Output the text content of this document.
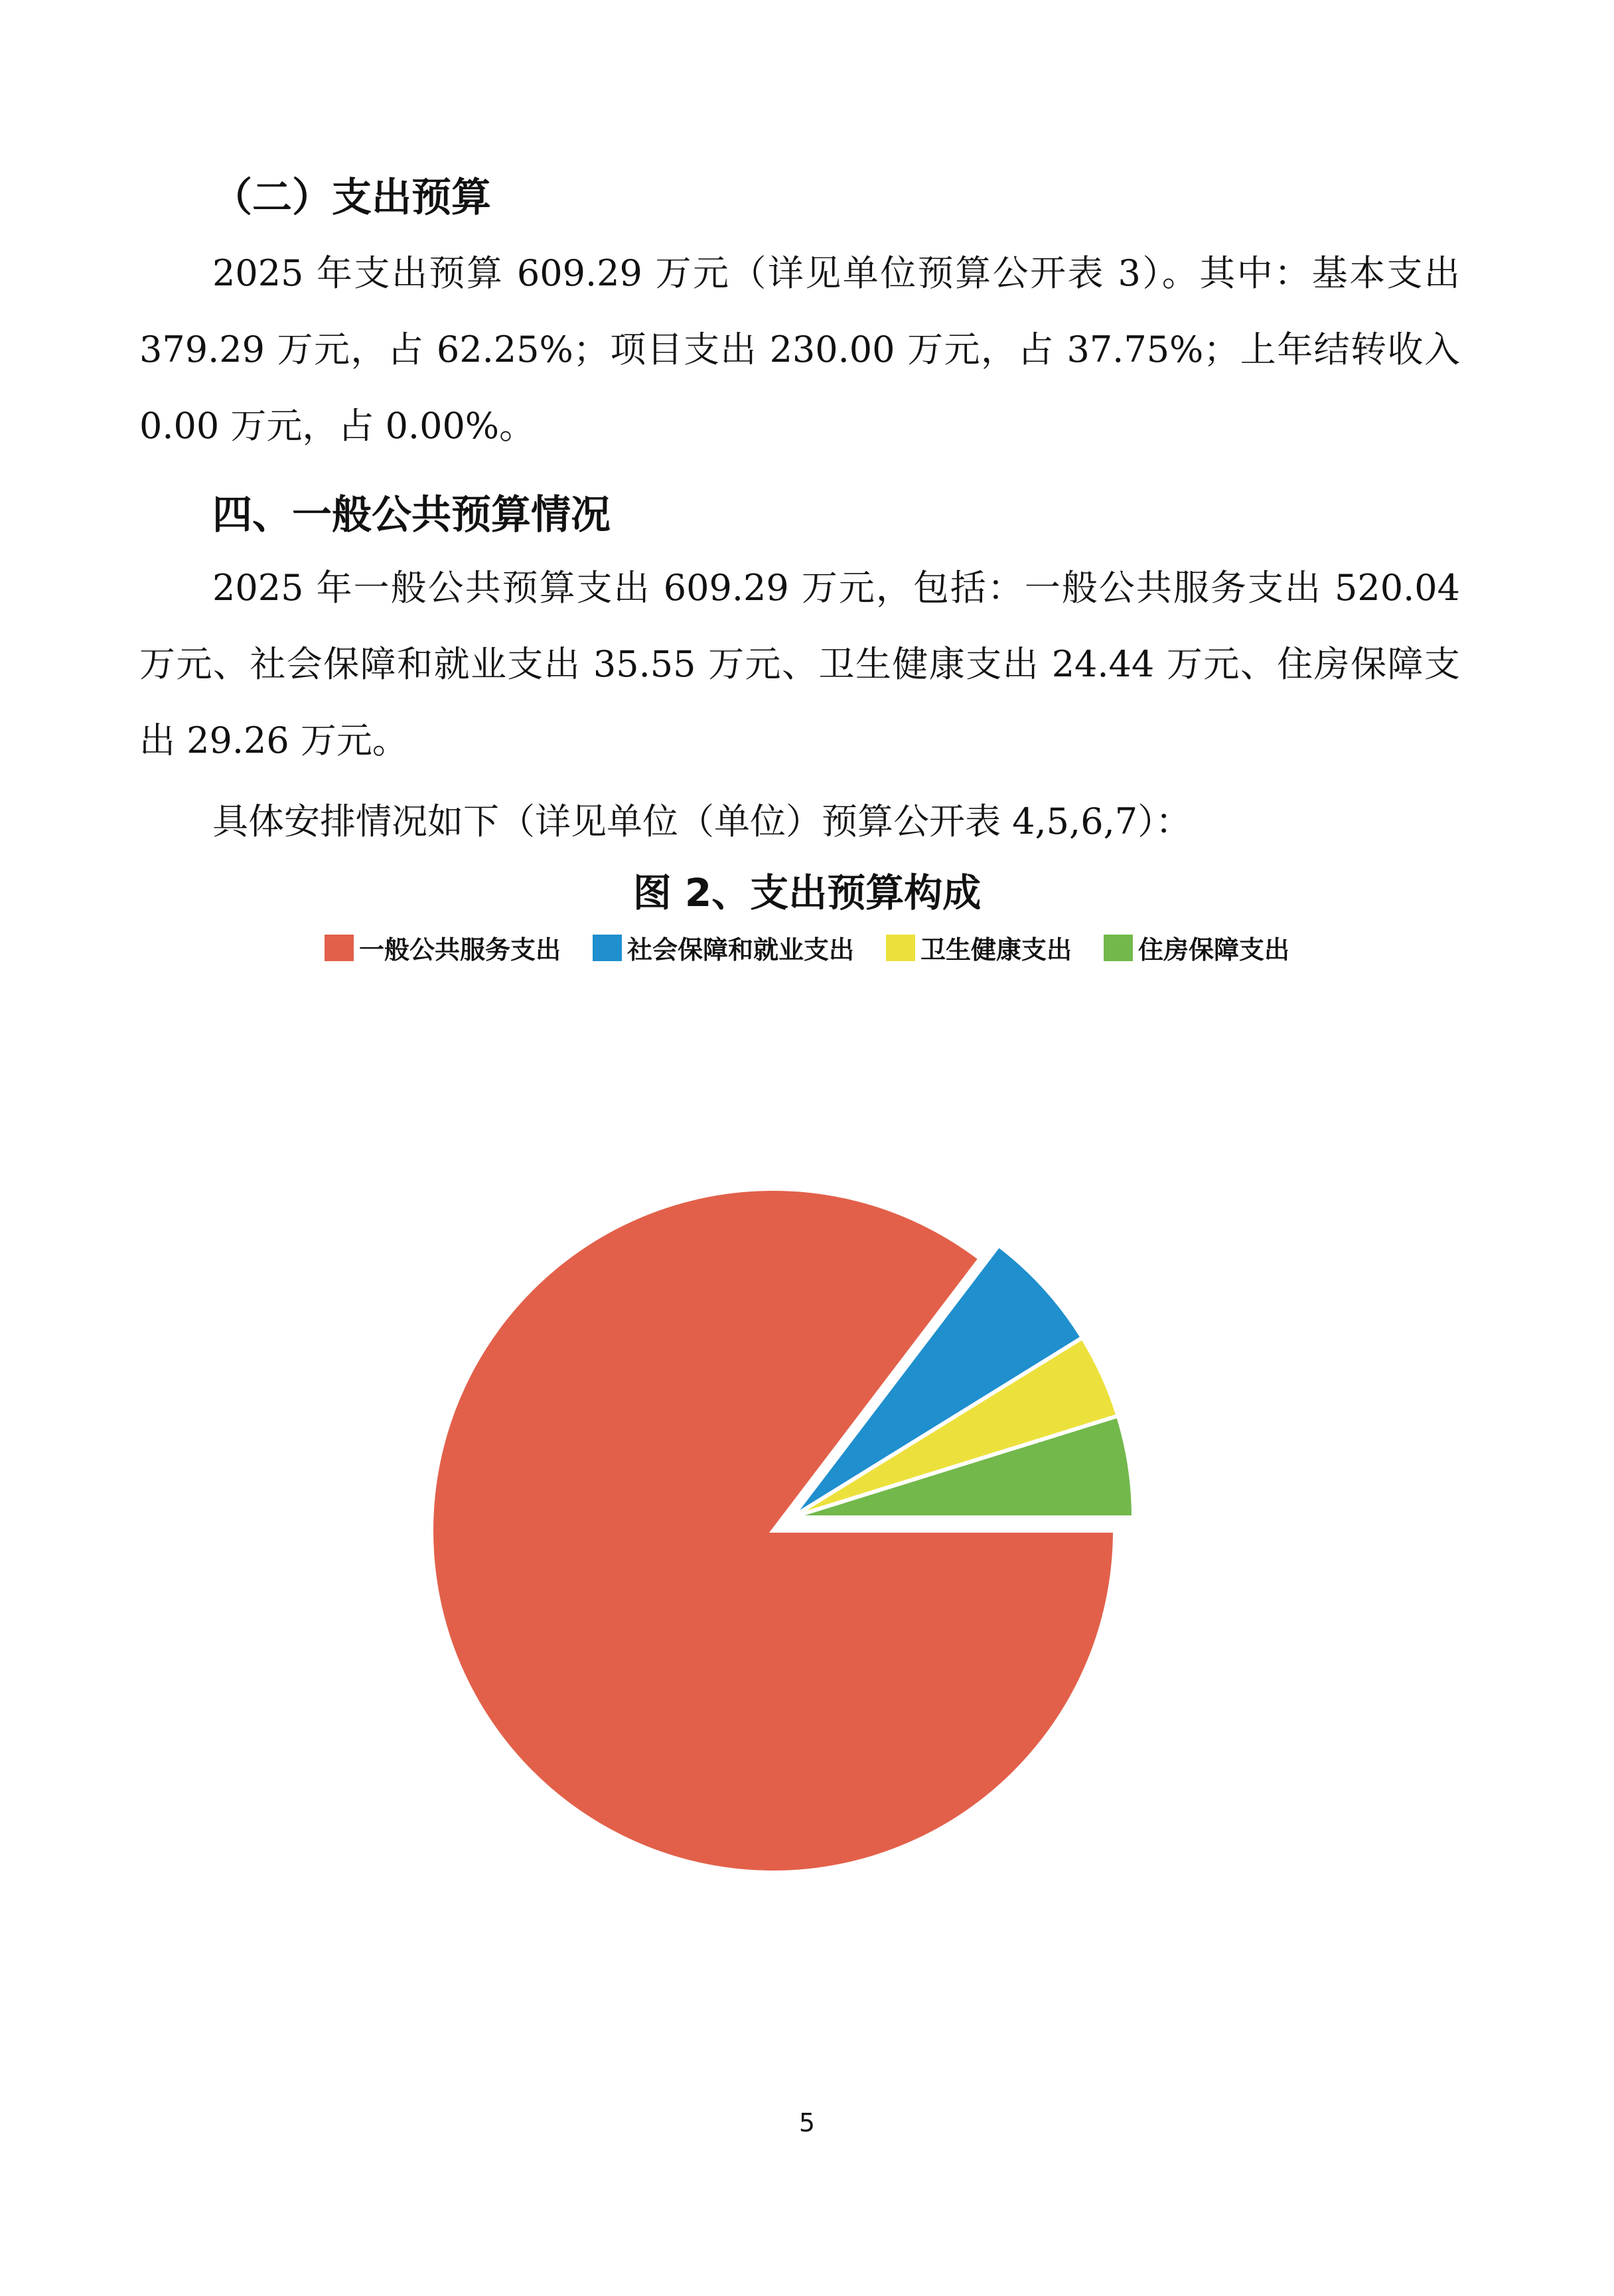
（二）支出预算

2025 年支出预算 609.29 万元（详见单位预算公开表 3）。其中：基本支出 379.29 万元，占 62.25%；项目支出 230.00 万元，占 37.75%；上年结转收入 0.00 万元，占 0.00%。

四、一般公共预算情况

2025 年一般公共预算支出 609.29 万元，包括：一般公共服务支出 520.04 万元、社会保障和就业支出 35.55 万元、卫生健康支出 24.44 万元、住房保障支出 29.26 万元。

具体安排情况如下（详见单位（单位）预算公开表 4,5,6,7）：

图 2、支出预算构成
一般公共服务支出	社会保障和就业支出	卫生健康支出	住房保障支出
5
